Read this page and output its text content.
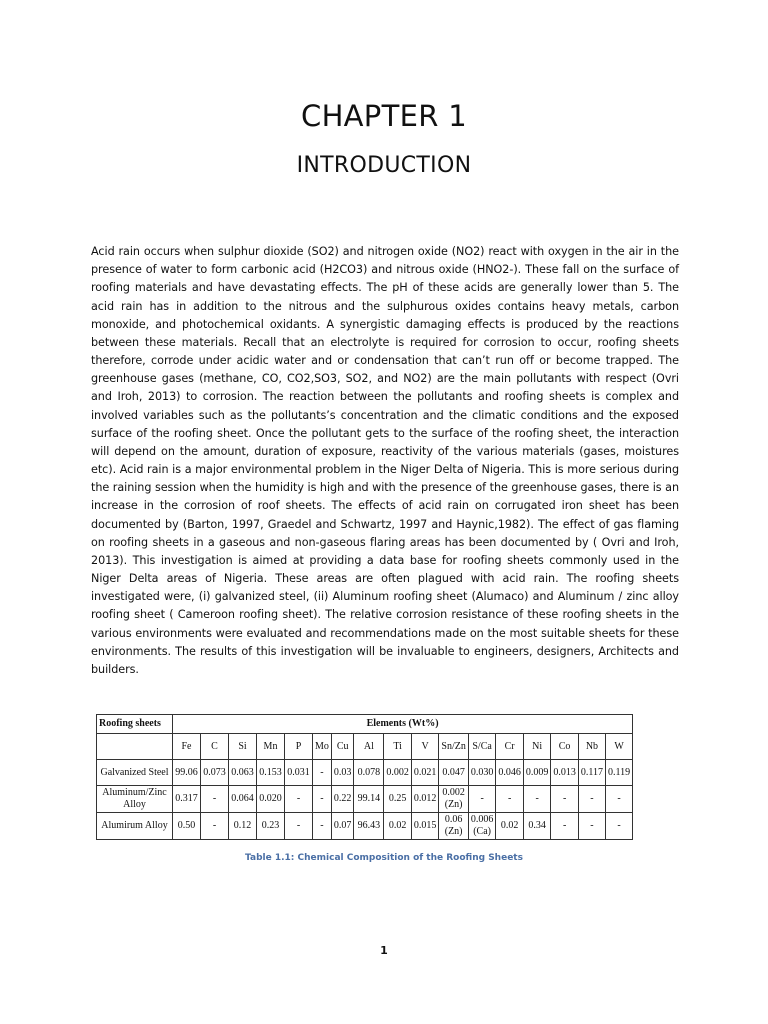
CHAPTER 1
INTRODUCTION

Acid rain occurs when sulphur dioxide (SO2) and nitrogen oxide (NO2) react with oxygen in the air in the presence of water to form carbonic acid (H2CO3) and nitrous oxide (HNO2-). These fall on the surface of roofing materials and have devastating effects. The pH of these acids are generally lower than 5. The acid rain has in addition to the nitrous and the sulphurous oxides contains heavy metals, carbon monoxide, and photochemical oxidants. A synergistic damaging effects is produced by the reactions between these materials. Recall that an electrolyte is required for corrosion to occur, roofing sheets therefore, corrode under acidic water and or condensation that can’t run off or become trapped. The greenhouse gases (methane, CO, CO2,SO3, SO2, and NO2) are the main pollutants with respect (Ovri and Iroh, 2013) to corrosion. The reaction between the pollutants and roofing sheets is complex and involved variables such as the pollutants’s concentration and the climatic conditions and the exposed surface of the roofing sheet. Once the pollutant gets to the surface of the roofing sheet, the interaction will depend on the amount, duration of exposure, reactivity of the various materials (gases, moistures etc). Acid rain is a major environmental problem in the Niger Delta of Nigeria. This is more serious during the raining session when the humidity is high and with the presence of the greenhouse gases, there is an increase in the corrosion of roof sheets. The effects of acid rain on corrugated iron sheet has been documented by (Barton, 1997, Graedel and Schwartz, 1997 and Haynic,1982). The effect of gas flaming on roofing sheets in a gaseous and non-gaseous flaring areas has been documented by ( Ovri and Iroh, 2013). This investigation is aimed at providing a data base for roofing sheets commonly used in the Niger Delta areas of Nigeria. These areas are often plagued with acid rain. The roofing sheets investigated were, (i) galvanized steel, (ii) Aluminum roofing sheet (Alumaco) and Aluminum / zinc alloy roofing sheet ( Cameroon roofing sheet). The relative corrosion resistance of these roofing sheets in the various environments were evaluated and recommendations made on the most suitable sheets for these environments. The results of this investigation will be invaluable to engineers, designers, Architects and builders.

Roofing sheets	Elements (Wt%)																
	Fe	C	Si	Mn	P	Mo	Cu	Al	Ti	V	Sn/Zn	S/Ca	Cr	Ni	Co	Nb	W
Galvanized Steel	99.06	0.073	0.063	0.153	0.031	-	0.03	0.078	0.002	0.021	0.047	0.030	0.046	0.009	0.013	0.117	0.119
Aluminum/Zinc Alloy	0.317	-	0.064	0.020	-	-	0.22	99.14	0.25	0.012	0.002 (Zn)	-	-	-	-	-	-
Alumirum Alloy	0.50	-	0.12	0.23	-	-	0.07	96.43	0.02	0.015	0.06 (Zn)	0.006 (Ca)	0.02	0.34	-	-	-
Table 1.1: Chemical Composition of the Roofing Sheets
1
